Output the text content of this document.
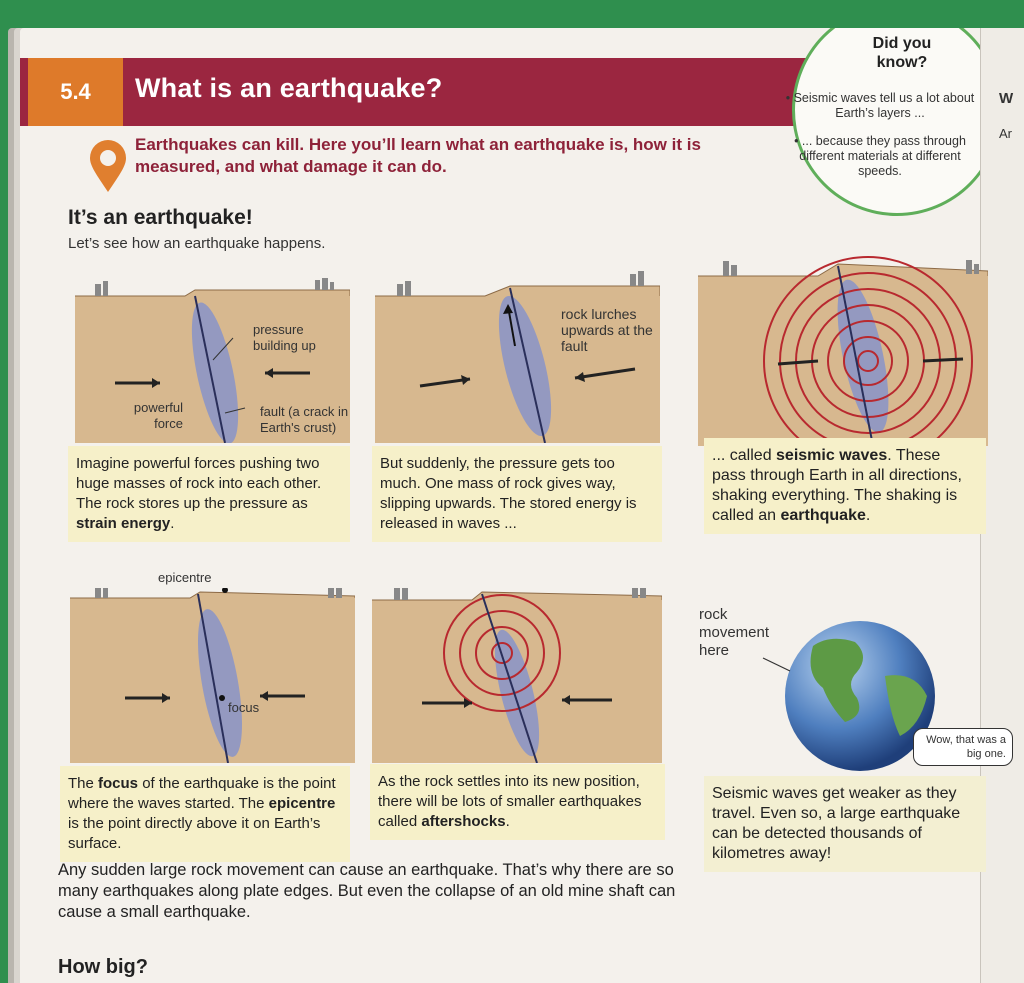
5.4	What is an earthquake?
Earthquakes can kill. Here you’ll learn what an earthquake is, how it is measured, and what damage it can do.
It’s an earthquake!
Let’s see how an earthquake happens.
Did you know?
• Seismic waves tell us a lot about Earth’s layers ...
• ... because they pass through different materials at different speeds.
W
Ar
pressure building up
powerful force
fault (a crack in Earth's crust)
Imagine powerful forces pushing two huge masses of rock into each other. The rock stores up the pressure as strain energy.
rock lurches upwards at the fault
But suddenly, the pressure gets too much. One mass of rock gives way, slipping upwards. The stored energy is released in waves ...
... called seismic waves. These pass through Earth in all directions, shaking everything. The shaking is called an earthquake.
epicentre
focus
The focus of the earthquake is the point where the waves started. The epicentre is the point directly above it on Earth’s surface.
As the rock settles into its new position, there will be lots of smaller earthquakes called aftershocks.
rock movement here
Wow, that was a big one.
Seismic waves get weaker as they travel. Even so, a large earthquake can be detected thousands of kilometres away!
Any sudden large rock movement can cause an earthquake. That’s why there are so many earthquakes along plate edges. But even the collapse of an old mine shaft can cause a small earthquake.
How big?
